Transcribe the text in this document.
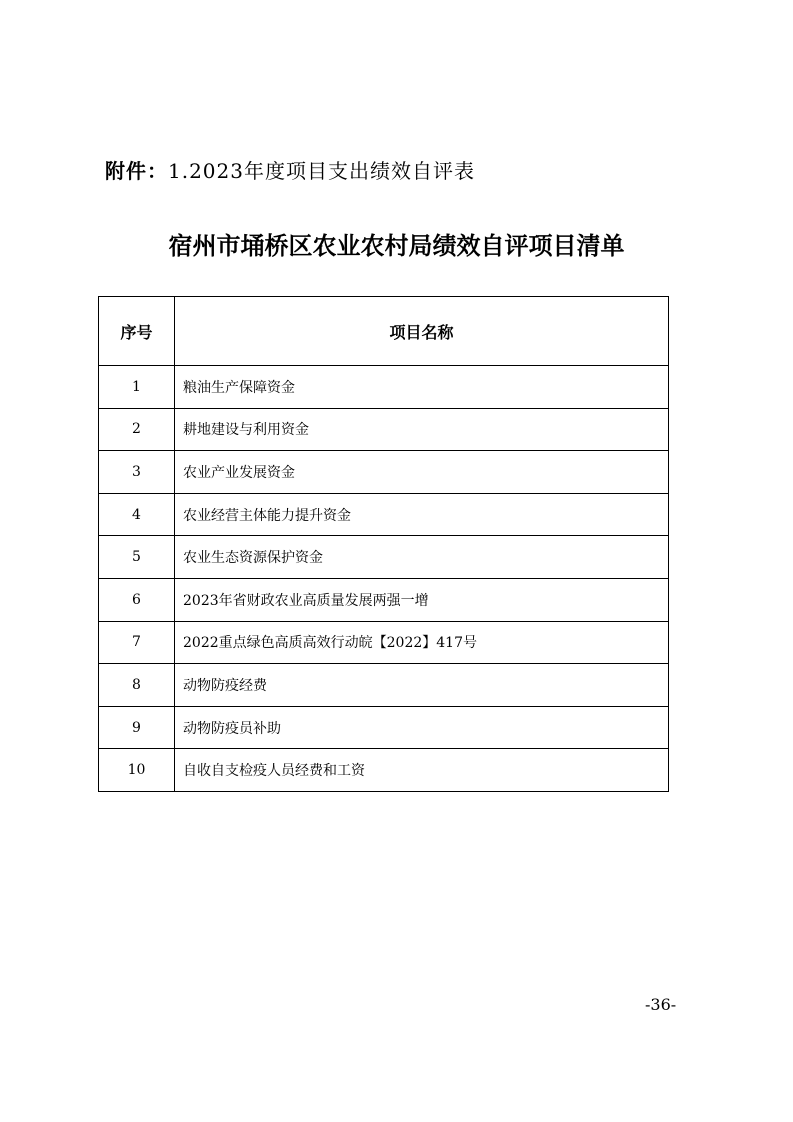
附件：1.2023年度项目支出绩效自评表
宿州市埇桥区农业农村局绩效自评项目清单
序号	项目名称
1	粮油生产保障资金
2	耕地建设与利用资金
3	农业产业发展资金
4	农业经营主体能力提升资金
5	农业生态资源保护资金
6	2023年省财政农业高质量发展两强一增
7	2022重点绿色高质高效行动皖【2022】417号
8	动物防疫经费
9	动物防疫员补助
10	自收自支检疫人员经费和工资
-36-
